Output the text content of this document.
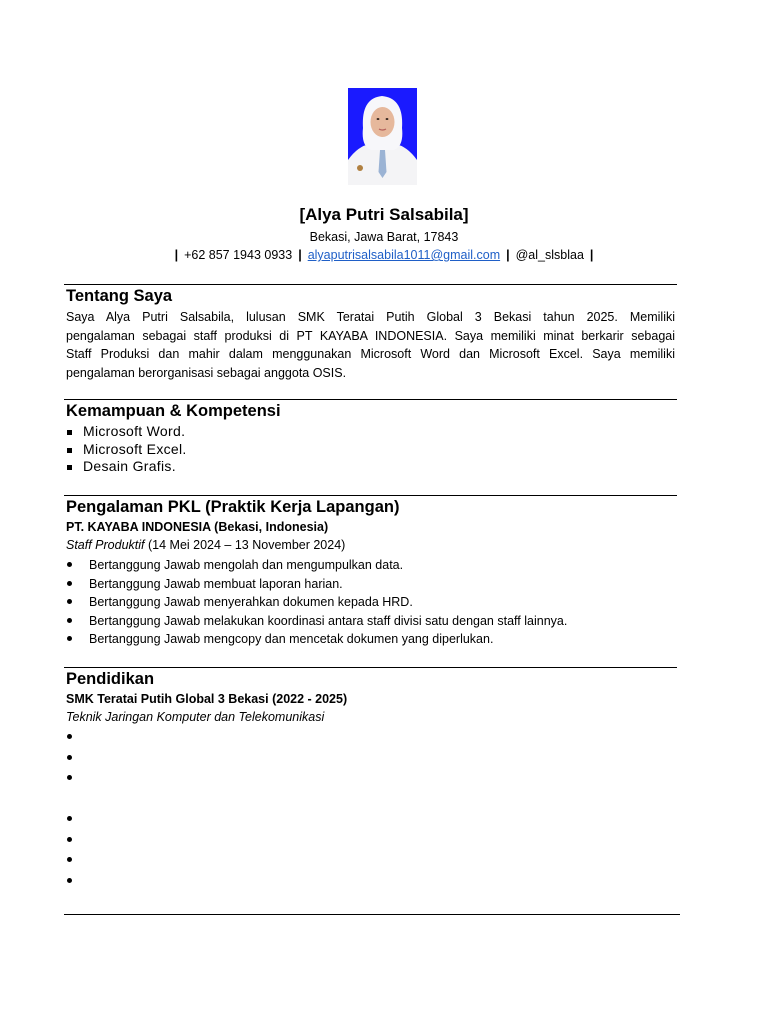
[Alya Putri Salsabila]
Bekasi, Jawa Barat, 17843
| +62 857 1943 0933 | alyaputrisalsabila1011@gmail.com | @al_slsblaa |
Tentang Saya

Saya Alya Putri Salsabila, lulusan SMK Teratai Putih Global 3 Bekasi tahun 2025. Memiliki
pengalaman sebagai staff produksi di PT KAYABA INDONESIA. Saya memiliki minat berkarir sebagai
Staff Produksi dan mahir dalam menggunakan Microsoft Word dan Microsoft Excel. Saya memiliki
pengalaman berorganisasi sebagai anggota OSIS.

Kemampuan & Kompetensi
Microsoft Word.
Microsoft Excel.
Desain Grafis.
Pengalaman PKL (Praktik Kerja Lapangan)
PT. KAYABA INDONESIA (Bekasi, Indonesia)
Staff Produktif (14 Mei 2024 – 13 November 2024)
Bertanggung Jawab mengolah dan mengumpulkan data.
Bertanggung Jawab membuat laporan harian.
Bertanggung Jawab menyerahkan dokumen kepada HRD.
Bertanggung Jawab melakukan koordinasi antara staff divisi satu dengan staff lainnya.
Bertanggung Jawab mengcopy dan mencetak dokumen yang diperlukan.
Pendidikan
SMK Teratai Putih Global 3 Bekasi (2022 - 2025)
Teknik Jaringan Komputer dan Telekomunikasi
